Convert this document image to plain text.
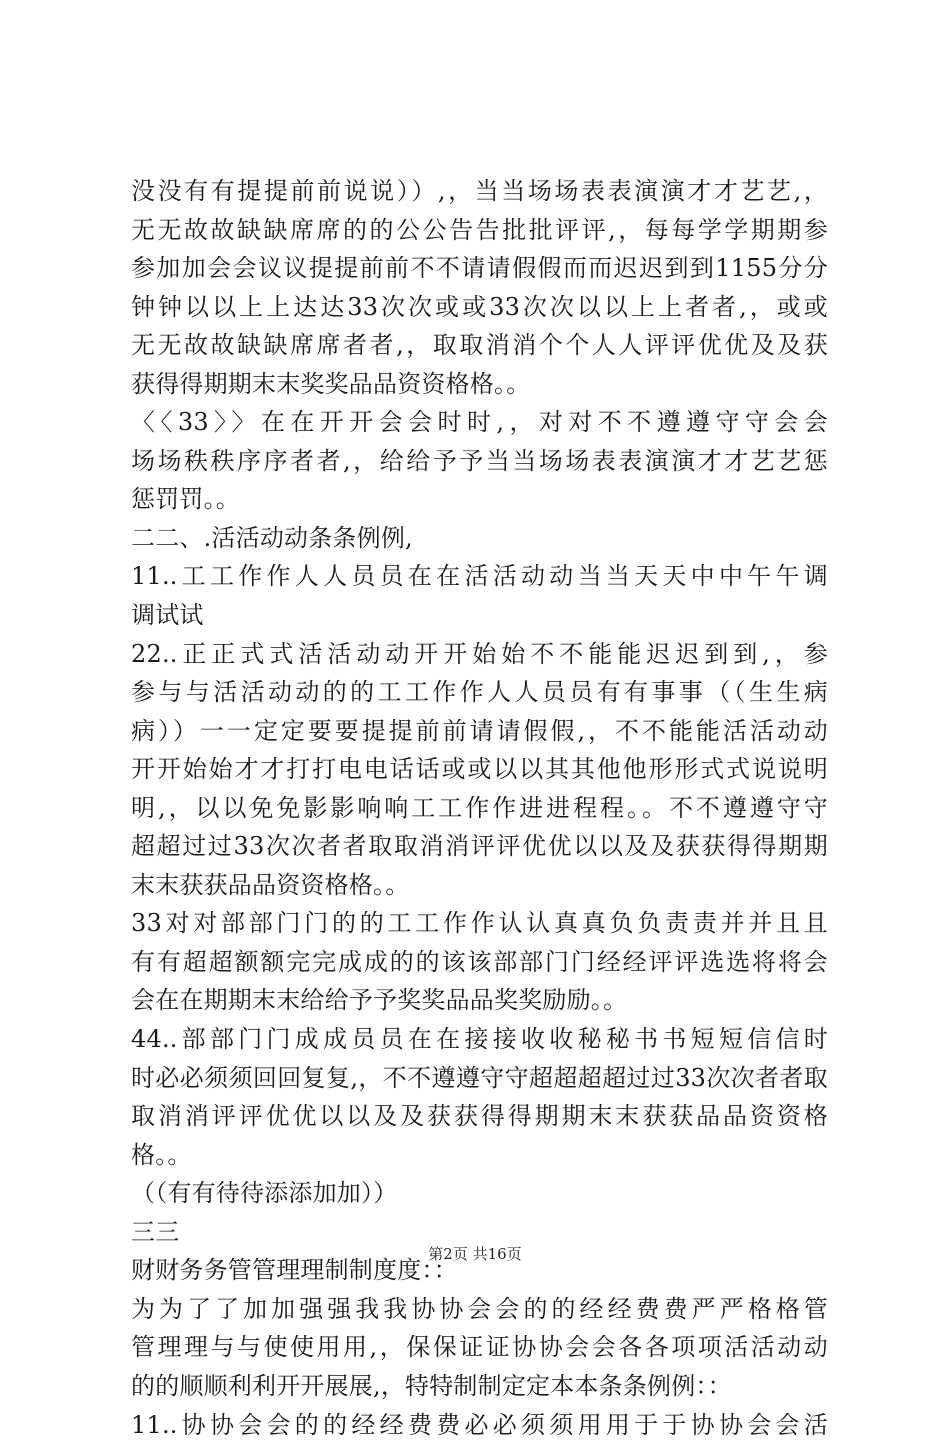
没没有有提提前前说说））,，当当场场表表演演才才艺艺,，
无无故故缺缺席席的的公公告告批批评评,，每每学学期期参
参加加会会议议提提前前不不请请假假而而迟迟到到1155分分
钟钟以以上上达达33次次或或33次次以以上上者者,，或或
无无故故缺缺席席者者,，取取消消个个人人评评优优及及获
获得得期期末末奖奖品品资资格格。。
〈〈33〉〉在在开开会会时时,，对对不不遵遵守守会会
场场秩秩序序者者,，给给予予当当场场表表演演才才艺艺惩
惩罚罚。。
二二、.活活动动条条例例,
11..工工作作人人员员在在活活动动当当天天中中午午调
调试试
22..正正式式活活动动开开始始不不能能迟迟到到,，参
参与与活活动动的的工工作作人人员员有有事事（（生生病
病））一一定定要要提提前前请请假假,，不不能能活活动动
开开始始才才打打电电话话或或以以其其他他形形式式说说明
明,，以以免免影影响响工工作作进进程程。。不不遵遵守守
超超过过33次次者者取取消消评评优优以以及及获获得得期期
末末获获品品资资格格。。
33对对部部门门的的工工作作认认真真负负责责并并且且
有有超超额额完完成成的的该该部部门门经经评评选选将将会
会在在期期末末给给予予奖奖品品奖奖励励。。
44..部部门门成成员员在在接接收收秘秘书书短短信信时
时必必须须回回复复,，不不遵遵守守超超超超过过33次次者者取
取消消评评优优以以及及获获得得期期末末获获品品资资格
格。。
（（有有待待添添加加））
三三
财财务务管管理理制制度度：：
为为了了加加强强我我协协会会的的经经费费严严格格管
管理理与与使使用用,，保保证证协协会会各各项项活活动动
的的顺顺利利开开展展,，特特制制定定本本条条例例：：
11..协协会会的的经经费费必必须须用用于于协协会会活
第2页 共16页
